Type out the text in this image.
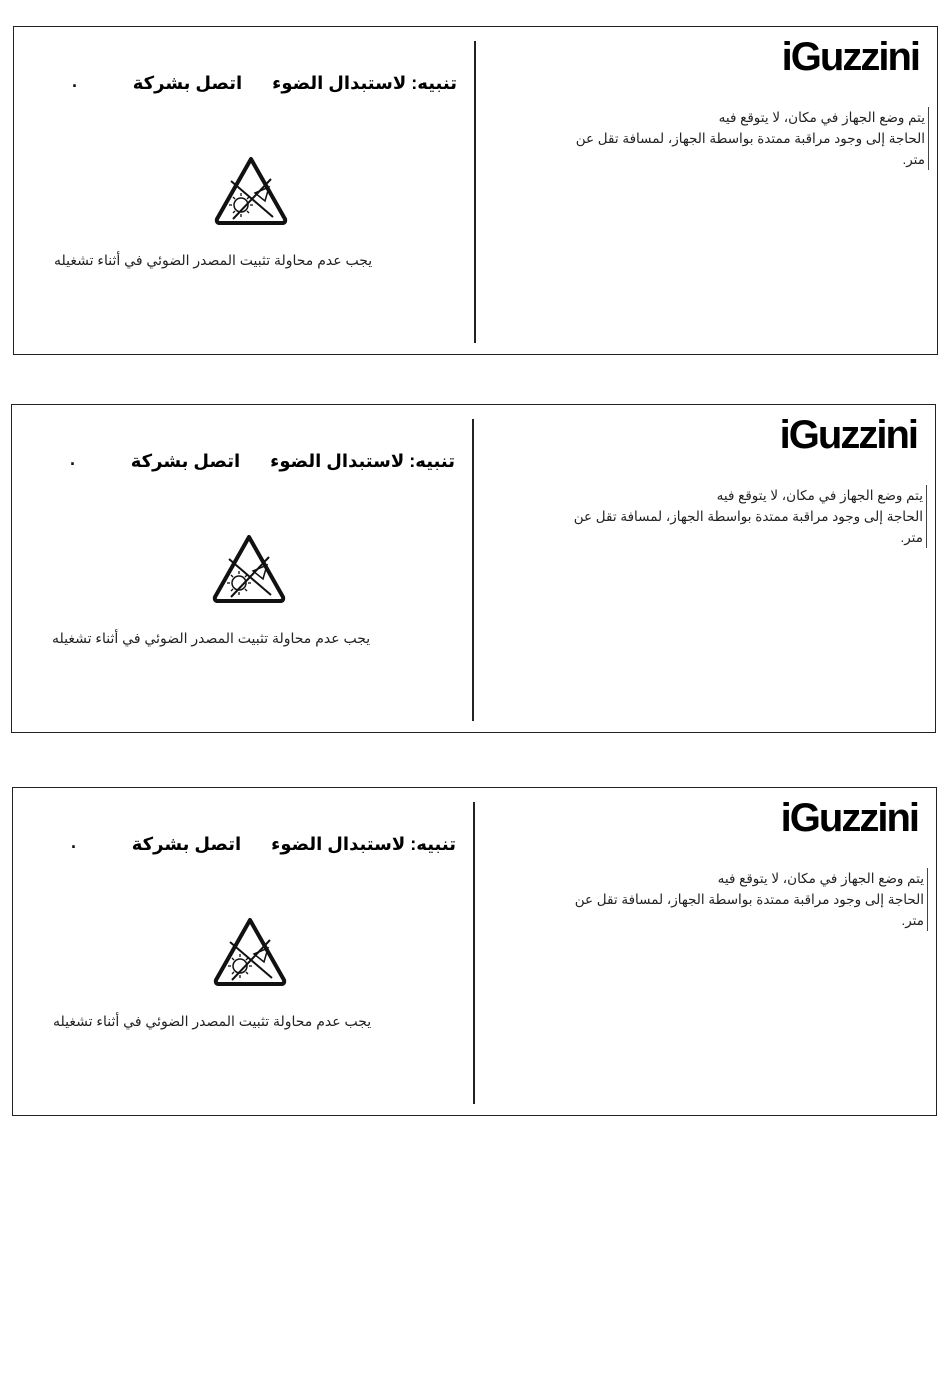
iGuzzini
يتم وضع الجهاز في مكان، لا يتوقع فيه
الحاجة إلى وجود مراقبة ممتدة بواسطة الجهاز، لمسافة تقل عن
متر.
تنبيه: لاستبدال الضوءاتصل بشركة
.
يجب عدم محاولة تثبيت المصدر الضوئي في أثناء تشغيله
iGuzzini
يتم وضع الجهاز في مكان، لا يتوقع فيه
الحاجة إلى وجود مراقبة ممتدة بواسطة الجهاز، لمسافة تقل عن
متر.
تنبيه: لاستبدال الضوءاتصل بشركة
.
يجب عدم محاولة تثبيت المصدر الضوئي في أثناء تشغيله
iGuzzini
يتم وضع الجهاز في مكان، لا يتوقع فيه
الحاجة إلى وجود مراقبة ممتدة بواسطة الجهاز، لمسافة تقل عن
متر.
تنبيه: لاستبدال الضوءاتصل بشركة
.
يجب عدم محاولة تثبيت المصدر الضوئي في أثناء تشغيله
